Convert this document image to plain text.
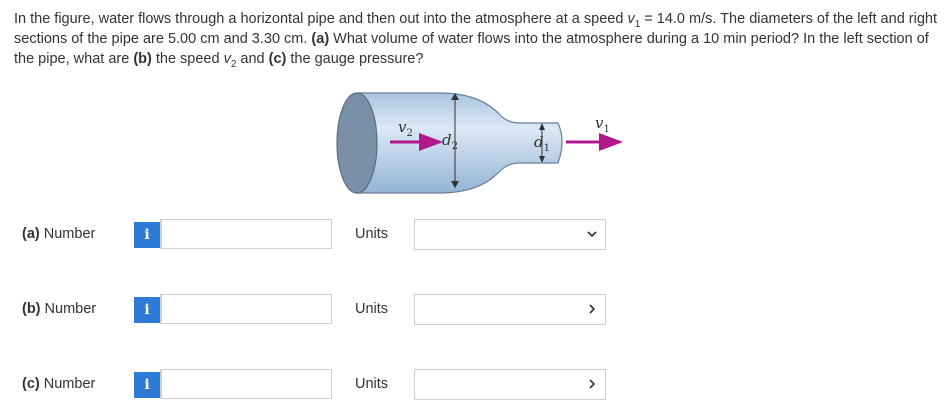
In the figure, water flows through a horizontal pipe and then out into the atmosphere at a speed $v_1 = 14.0$ m/s. The diameters of the left and right sections of the pipe are 5.00 cm and 3.30 cm. (a) What volume of water flows into the atmosphere during a 10 min period? In the left section of the pipe, what are (b) the speed $v_2$ and (c) the gauge pressure?
$v_2$ $d_2$	$d_1$
$v_1$
(a) Number	i	Units
(b) Number	i	Units
(c) Number	i	Units
